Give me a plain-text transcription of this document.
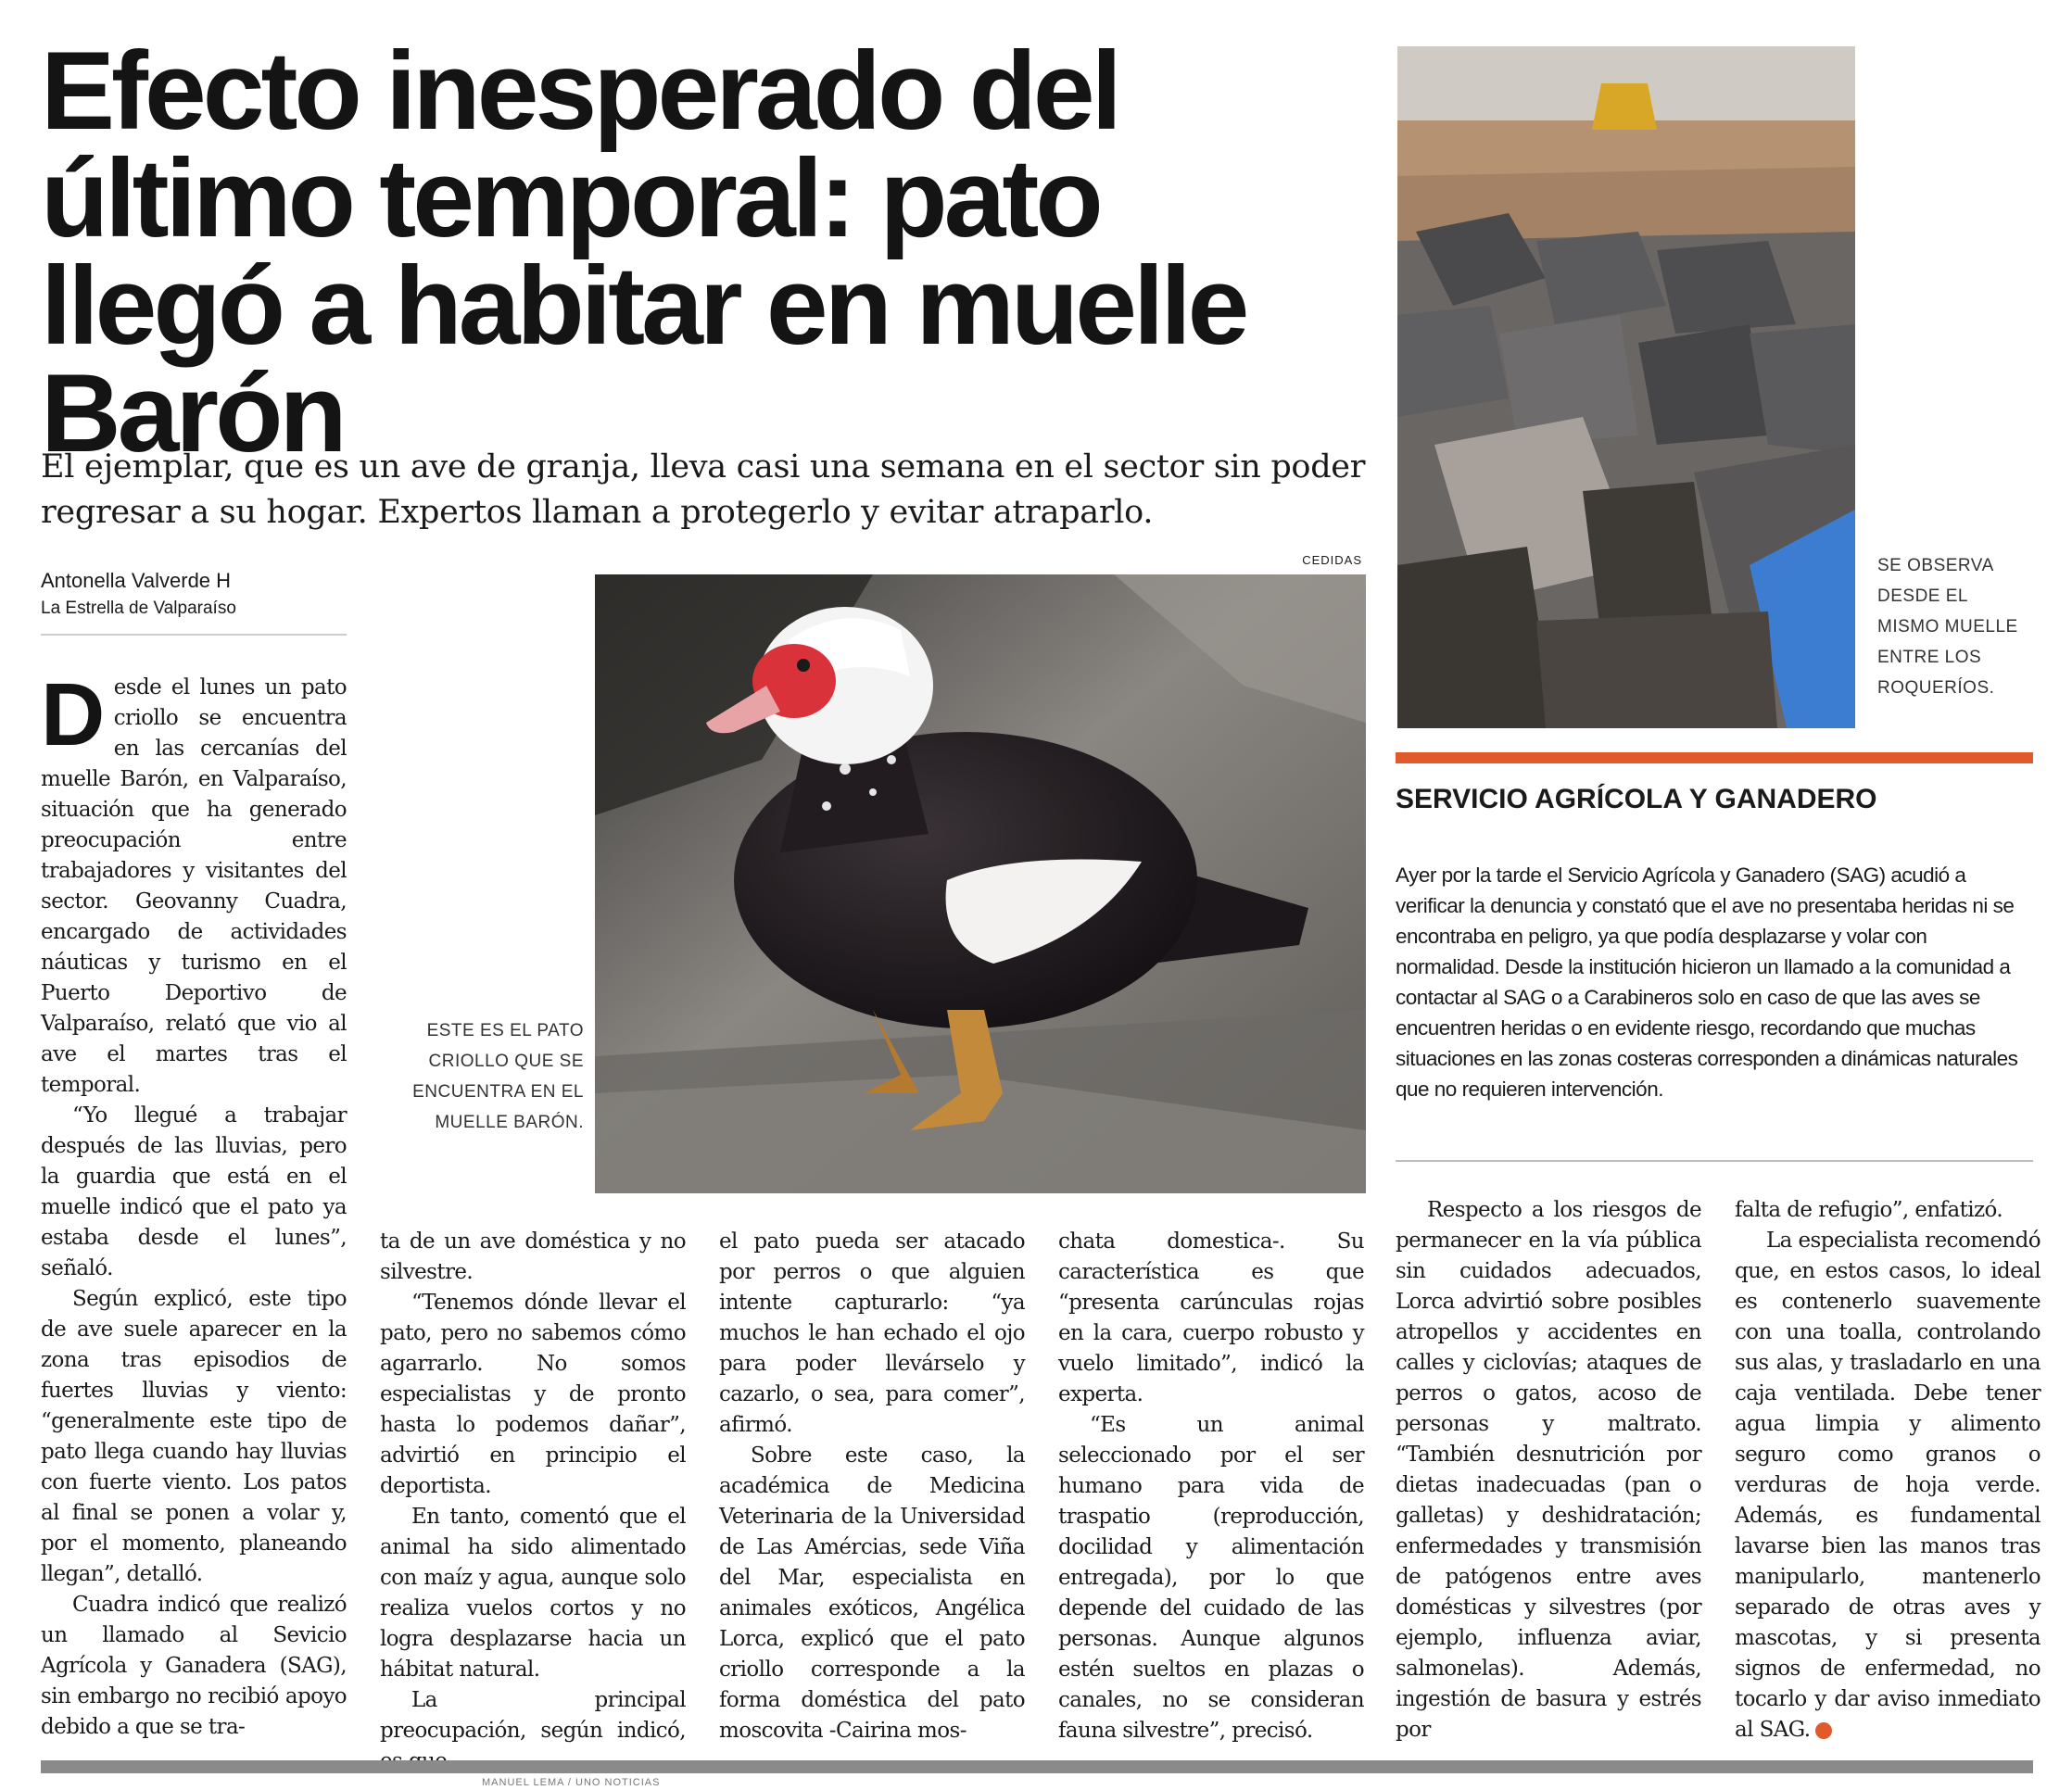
Efecto inesperado del último temporal: pato llegó a habitar en muelle Barón

El ejemplar, que es un ave de granja, lleva casi una semana en el sector sin poder regresar a su hogar. Expertos llaman a protegerlo y evitar atraparlo.

Antonella Valverde H
La Estrella de Valparaíso
CEDIDAS
ESTE ES EL PATO
CRIOLLO QUE SE
ENCUENTRA EN EL
MUELLE BARÓN.
SE OBSERVA
DESDE EL
MISMO MUELLE
ENTRE LOS
ROQUERÍOS.
D esde el lunes un pato criollo se encuentra en las cercanías del muelle Barón, en Valparaíso, situación que ha generado preocupación entre trabajadores y visitantes del sector. Geovanny Cuadra, encargado de actividades náuticas y turismo en el Puerto Deportivo de Valparaíso, relató que vio al ave el martes tras el temporal.

“Yo llegué a trabajar después de las lluvias, pero la guardia que está en el muelle indicó que el pato ya estaba desde el lunes”, señaló.

Según explicó, este tipo de ave suele aparecer en la zona tras episodios de fuertes lluvias y viento: “generalmente este tipo de pato llega cuando hay lluvias con fuerte viento. Los patos al final se ponen a volar y, por el momento, planeando llegan”, detalló.

Cuadra indicó que realizó un llamado al Sevicio Agrícola y Ganadera (SAG), sin embargo no recibió apoyo debido a que se tra-

ta de un ave doméstica y no silvestre.

“Tenemos dónde llevar el pato, pero no sabemos cómo agarrarlo. No somos especialistas y de pronto hasta lo podemos dañar”, advirtió en principio el deportista.

En tanto, comentó que el animal ha sido alimentado con maíz y agua, aunque solo realiza vuelos cortos y no logra desplazarse hacia un hábitat natural.

La principal preocupación, según indicó,

el pato pueda ser atacado por perros o que alguien intente capturarlo: “ya muchos le han echado el ojo para poder llevárselo y cazarlo, o sea, para comer”, afirmó.

Sobre este caso, la académica de Medicina Veterinaria de la Universidad de Las Amércias, sede Viña del Mar, especialista en animales exóticos, Angélica Lorca, explicó que el pato criollo corresponde a la forma doméstica del pato moscovita -Cairina mos-

chata domestica-. Su característica es que “presenta carúnculas rojas en la cara, cuerpo robusto y vuelo limitado”, indicó la experta.

“Es un animal seleccionado por el ser humano para vida de traspatio (reproducción, docilidad y alimentación entregada), por lo que depende del cuidado de las personas. Aunque algunos estén sueltos en plazas o canales, no se consideran fauna silvestre”, precisó.

Respecto a los riesgos de permanecer en la vía pública sin cuidados adecuados, Lorca advirtió sobre posibles atropellos y accidentes en calles y ciclovías; ataques de perros o gatos, acoso de personas y maltrato. “También desnutrición por dietas inadecuadas (pan o galletas) y deshidratación; enfermedades y transmisión de patógenos entre aves domésticas y silvestres (por ejemplo, influenza aviar, salmonelas). Además, ingestión de basura y estrés por

falta de refugio”, enfatizó.

La especialista recomendó que, en estos casos, lo ideal es contenerlo suavemente con una toalla, controlando sus alas, y trasladarlo en una caja ventilada. Debe tener agua limpia y alimento seguro como granos o verduras de hoja verde. Además, es fundamental lavarse bien las manos tras manipularlo, mantenerlo separado de otras aves y mascotas, y si presenta signos de enfermedad, no tocarlo y dar aviso inmediato al SAG.	✪

SERVICIO AGRÍCOLA Y GANADERO

Ayer por la tarde el Servicio Agrícola y Ganadero (SAG) acudió a verificar la denuncia y constató que el ave no presentaba heridas ni se encontraba en peligro, ya que podía desplazarse y volar con normalidad. Desde la institución hicieron un llamado a la comunidad a contactar al SAG o a Carabineros solo en caso de que las aves se encuentren heridas o en evidente riesgo, recordando que muchas situaciones en las zonas costeras corresponden a dinámicas naturales que no requieren intervención.

MANUEL LEMA / UNO NOTICIAS
